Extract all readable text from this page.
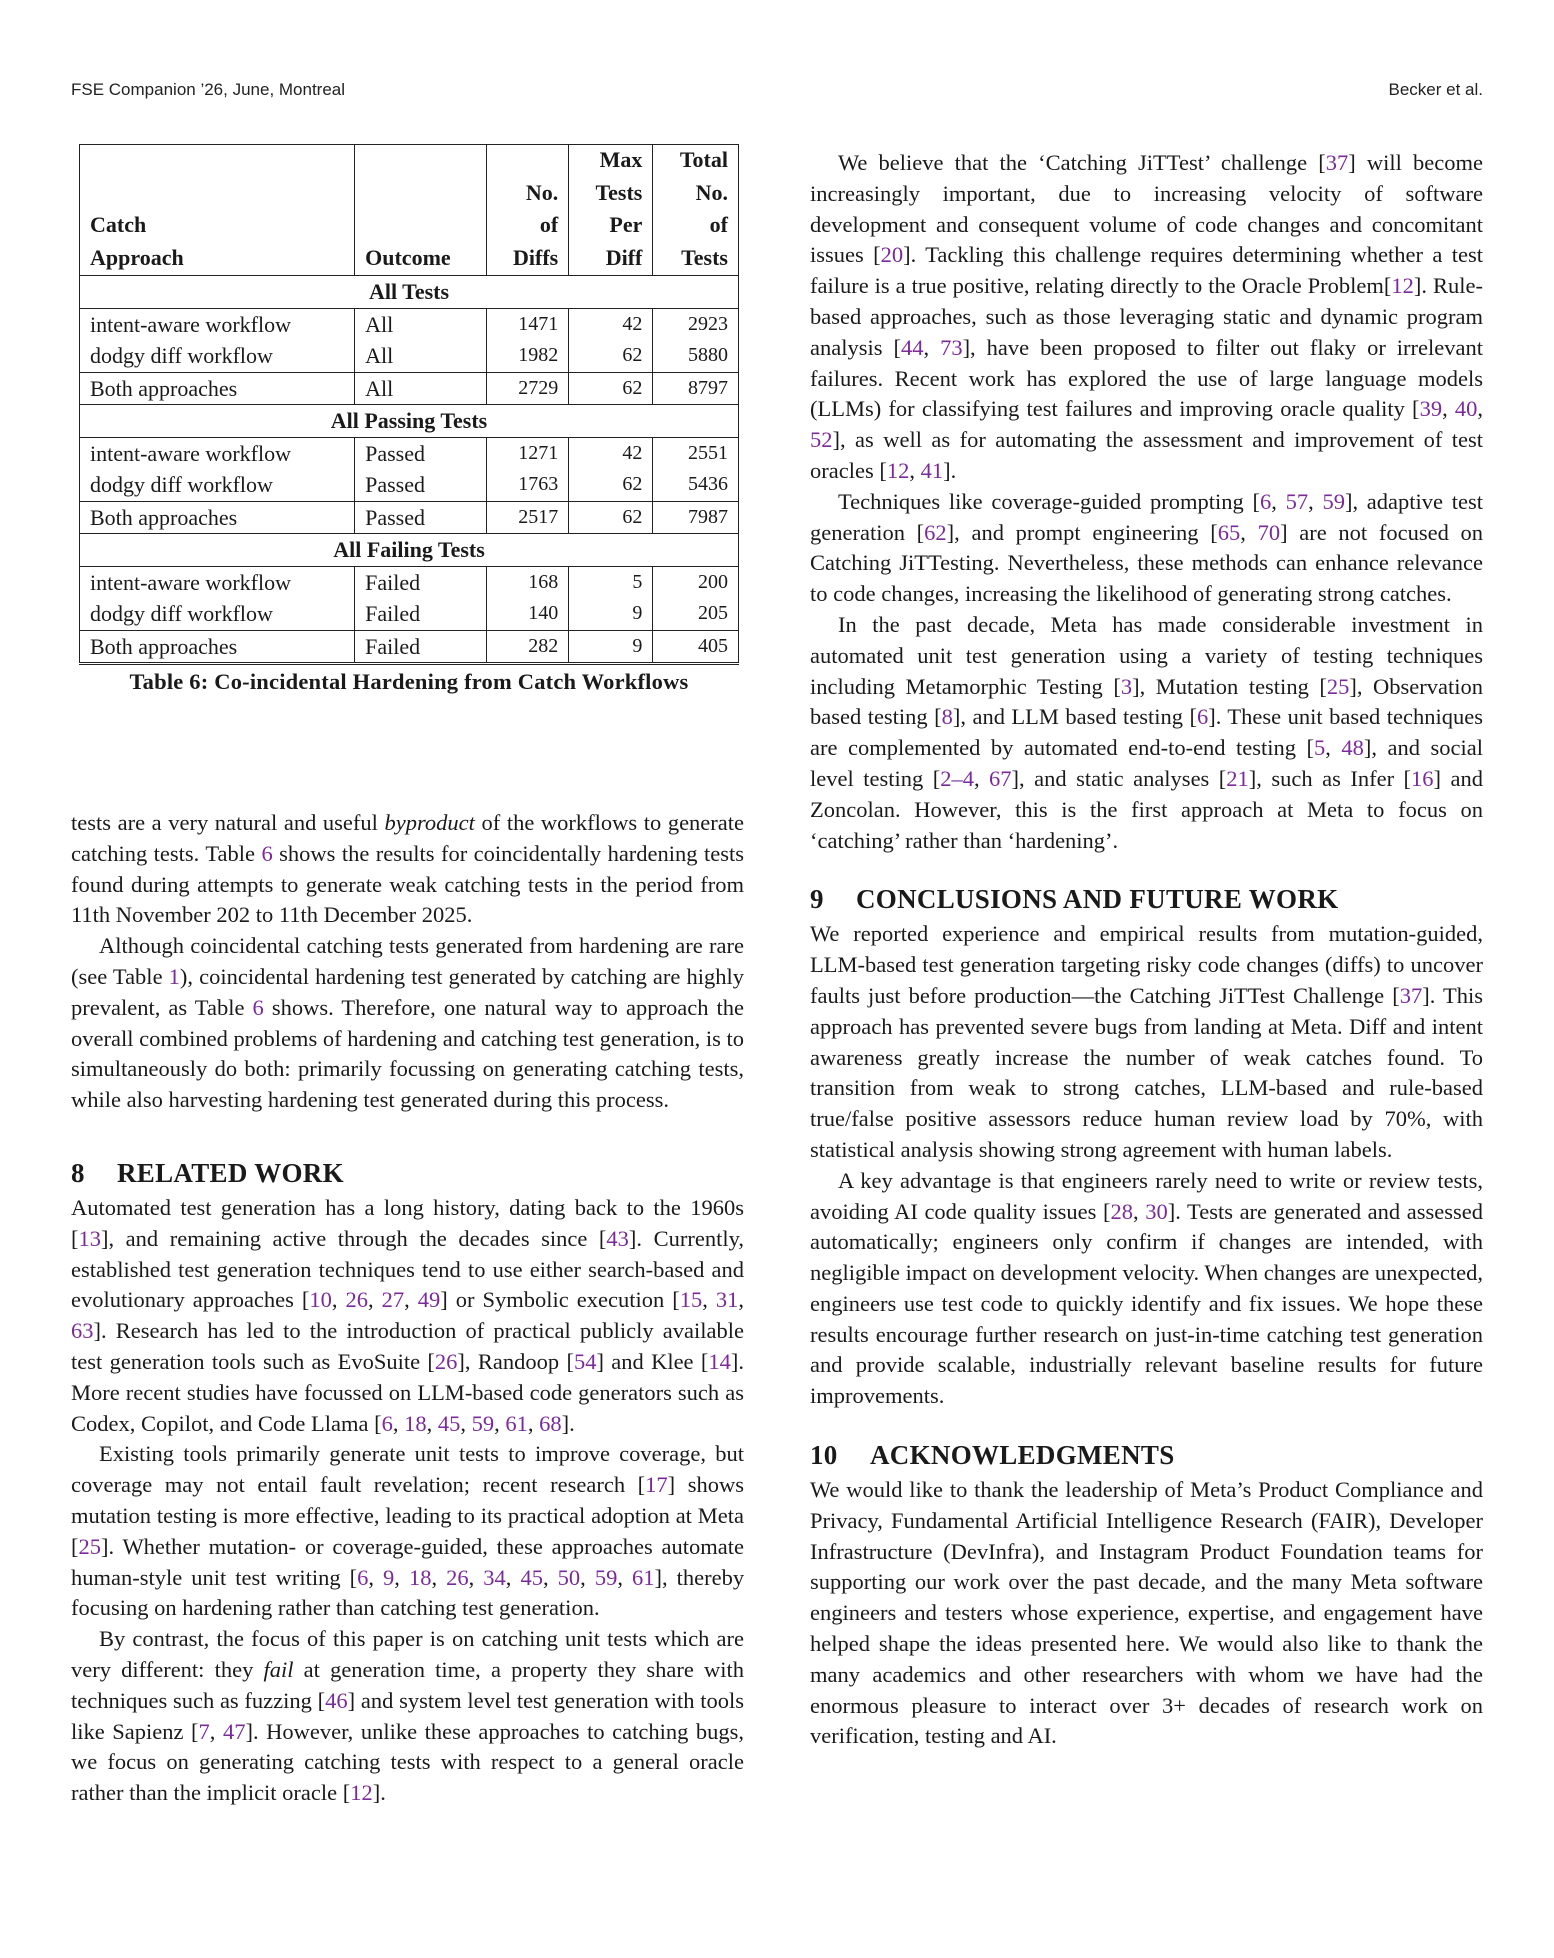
FSE Companion ’26, June, Montreal	Becker et al.
			Max	Total
		No.	Tests	No.
Catch		of	Per	of
Approach	Outcome	Diffs	Diff	Tests
All Tests				
intent-aware workflow	All	1471	42	2923
dodgy diff workflow	All	1982	62	5880
Both approaches	All	2729	62	8797
All Passing Tests				
intent-aware workflow	Passed	1271	42	2551
dodgy diff workflow	Passed	1763	62	5436
Both approaches	Passed	2517	62	7987
All Failing Tests				
intent-aware workflow	Failed	168	5	200
dodgy diff workflow	Failed	140	9	205
Both approaches	Failed	282	9	405
Table 6: Co-incidental Hardening from Catch Workflows

tests are a very natural and useful byproduct of the workflows to generate catching tests. Table 6 shows the results for coincidentally hardening tests found during attempts to generate weak catching tests in the period from 11th November 202 to 11th December 2025.

Although coincidental catching tests generated from hardening are rare (see Table 1), coincidental hardening test generated by catching are highly prevalent, as Table 6 shows. Therefore, one natural way to approach the overall combined problems of hardening and catching test generation, is to simultaneously do both: primarily focussing on generating catching tests, while also harvesting hardening test generated during this process.

8 RELATED WORK

Automated test generation has a long history, dating back to the 1960s [13], and remaining active through the decades since [43]. Currently, established test generation techniques tend to use either search-based and evolutionary approaches [10, 26, 27, 49] or Symbolic execution [15, 31, 63]. Research has led to the introduction of practical publicly available test generation tools such as EvoSuite [26], Randoop [54] and Klee [14]. More recent studies have focussed on LLM-based code generators such as Codex, Copilot, and Code Llama [6, 18, 45, 59, 61, 68].

Existing tools primarily generate unit tests to improve coverage, but coverage may not entail fault revelation; recent research [17] shows mutation testing is more effective, leading to its practical adoption at Meta [25]. Whether mutation- or coverage-guided, these approaches automate human-style unit test writing [6, 9, 18, 26, 34, 45, 50, 59, 61], thereby focusing on hardening rather than catching test generation.

By contrast, the focus of this paper is on catching unit tests which are very different: they fail at generation time, a property they share with techniques such as fuzzing [46] and system level test generation with tools like Sapienz [7, 47]. However, unlike these approaches to catching bugs, we focus on generating catching tests with respect to a general oracle rather than the implicit oracle [12].

We believe that the ‘Catching JiTTest’ challenge [37] will become increasingly important, due to increasing velocity of software development and consequent volume of code changes and concomitant issues [20]. Tackling this challenge requires determining whether a test failure is a true positive, relating directly to the Oracle Problem[12]. Rule-based approaches, such as those leveraging static and dynamic program analysis [44, 73], have been proposed to filter out flaky or irrelevant failures. Recent work has explored the use of large language models (LLMs) for classifying test failures and improving oracle quality [39, 40, 52], as well as for automating the assessment and improvement of test oracles [12, 41].

Techniques like coverage-guided prompting [6, 57, 59], adaptive test generation [62], and prompt engineering [65, 70] are not focused on Catching JiTTesting. Nevertheless, these methods can enhance relevance to code changes, increasing the likelihood of generating strong catches.

In the past decade, Meta has made considerable investment in automated unit test generation using a variety of testing techniques including Metamorphic Testing [3], Mutation testing [25], Observation based testing [8], and LLM based testing [6]. These unit based techniques are complemented by automated end-to-end testing [5, 48], and social level testing [2–4, 67], and static analyses [21], such as Infer [16] and Zoncolan. However, this is the first approach at Meta to focus on ‘catching’ rather than ‘hardening’.

9 CONCLUSIONS AND FUTURE WORK

We reported experience and empirical results from mutation-guided, LLM-based test generation targeting risky code changes (diffs) to uncover faults just before production—the Catching JiTTest Challenge [37]. This approach has prevented severe bugs from landing at Meta. Diff and intent awareness greatly increase the number of weak catches found. To transition from weak to strong catches, LLM-based and rule-based true/false positive assessors reduce human review load by 70%, with statistical analysis showing strong agreement with human labels.

A key advantage is that engineers rarely need to write or review tests, avoiding AI code quality issues [28, 30]. Tests are generated and assessed automatically; engineers only confirm if changes are intended, with negligible impact on development velocity. When changes are unexpected, engineers use test code to quickly identify and fix issues. We hope these results encourage further research on just-in-time catching test generation and provide scalable, industrially relevant baseline results for future improvements.

10 ACKNOWLEDGMENTS

We would like to thank the leadership of Meta’s Product Compliance and Privacy, Fundamental Artificial Intelligence Research (FAIR), Developer Infrastructure (DevInfra), and Instagram Product Foundation teams for supporting our work over the past decade, and the many Meta software engineers and testers whose experience, expertise, and engagement have helped shape the ideas presented here. We would also like to thank the many academics and other researchers with whom we have had the enormous pleasure to interact over 3+ decades of research work on verification, testing and AI.
